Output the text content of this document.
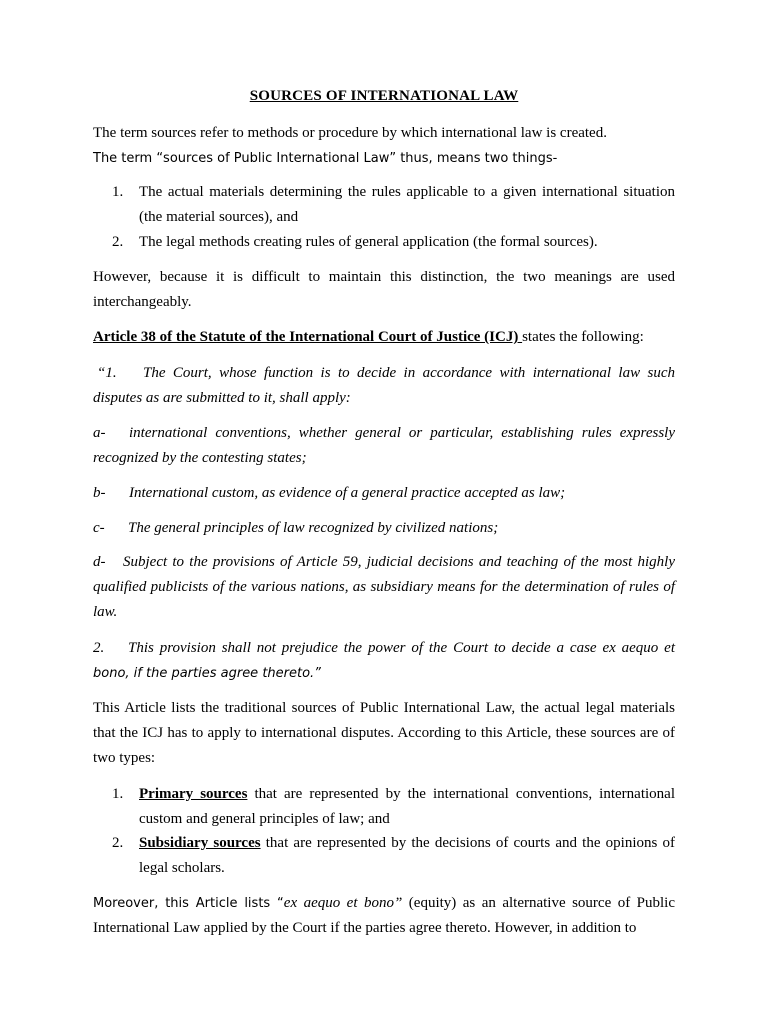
SOURCES OF INTERNATIONAL LAW
The term sources refer to methods or procedure by which international law is created.
The term “sources of Public International Law” thus, means two things-
1. The actual materials determining the rules applicable to a given international situation (the material sources), and
2. The legal methods creating rules of general application (the formal sources).
However, because it is difficult to maintain this distinction, the two meanings are used interchangeably.
Article 38 of the Statute of the International Court of Justice (ICJ) states the following:
“1. The Court, whose function is to decide in accordance with international law such disputes as are submitted to it, shall apply:
a- international conventions, whether general or particular, establishing rules expressly recognized by the contesting states;
b- International custom, as evidence of a general practice accepted as law;
c- The general principles of law recognized by civilized nations;
d- Subject to the provisions of Article 59, judicial decisions and teaching of the most highly qualified publicists of the various nations, as subsidiary means for the determination of rules of law.
2. This provision shall not prejudice the power of the Court to decide a case ex aequo et
bono, if the parties agree thereto.”
This Article lists the traditional sources of Public International Law, the actual legal materials that the ICJ has to apply to international disputes. According to this Article, these sources are of two types:
1. Primary sources that are represented by the international conventions, international custom and general principles of law; and
2. Subsidiary sources that are represented by the decisions of courts and the opinions of legal scholars.
Moreover, this Article lists “ex aequo et bono” (equity) as an alternative source of Public International Law applied by the Court if the parties agree thereto. However, in addition to
